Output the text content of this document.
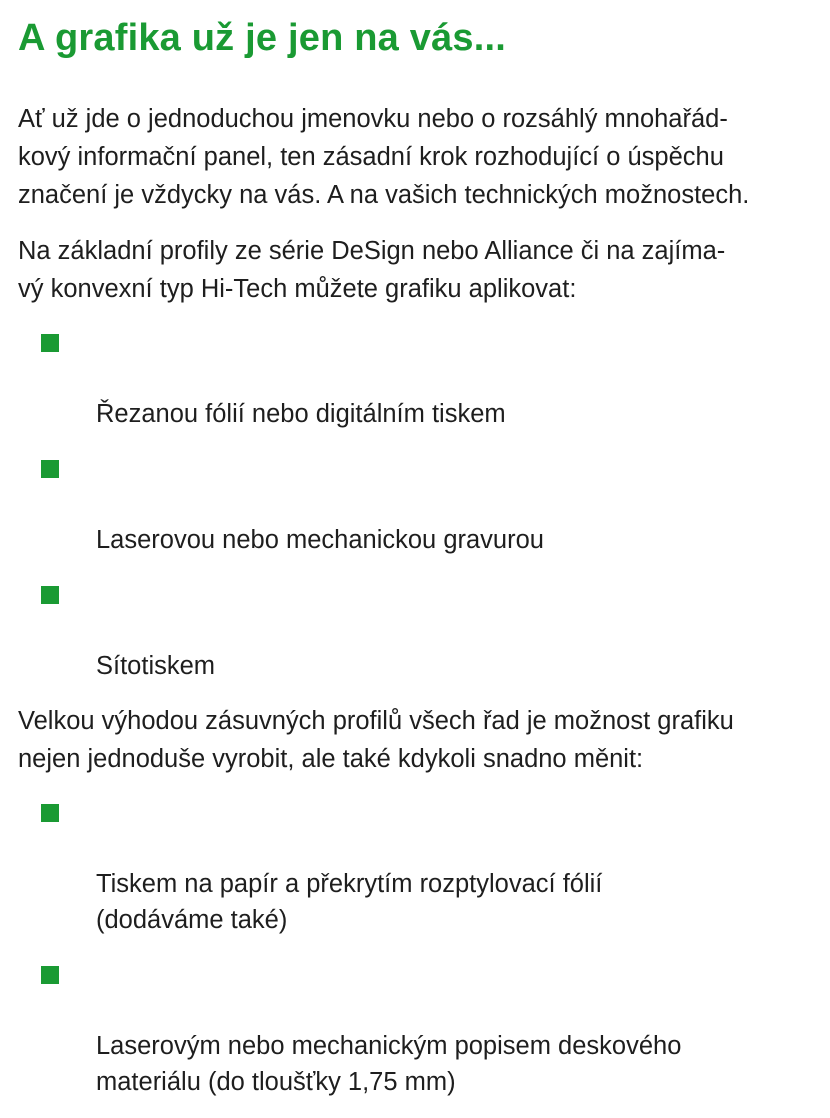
A grafika už je jen na vás...

Ať už jde o jednoduchou jmenovku nebo o rozsáhlý mnohařád-
kový informační panel, ten zásadní krok rozhodující o úspěchu
značení je vždycky na vás. A na vašich technických možnostech.

Na základní profily ze série DeSign nebo Alliance či na zajíma-
vý konvexní typ Hi-Tech můžete grafiku aplikovat:

Řezanou fólií nebo digitálním tiskem

Laserovou nebo mechanickou gravurou

Sítotiskem

Velkou výhodou zásuvných profilů všech řad je možnost grafiku
nejen jednoduše vyrobit, ale také kdykoli snadno měnit:

Tiskem na papír a překrytím rozptylovací fólií
(dodáváme také)

Laserovým nebo mechanickým popisem deskového
materiálu (do tloušťky 1,75 mm)
